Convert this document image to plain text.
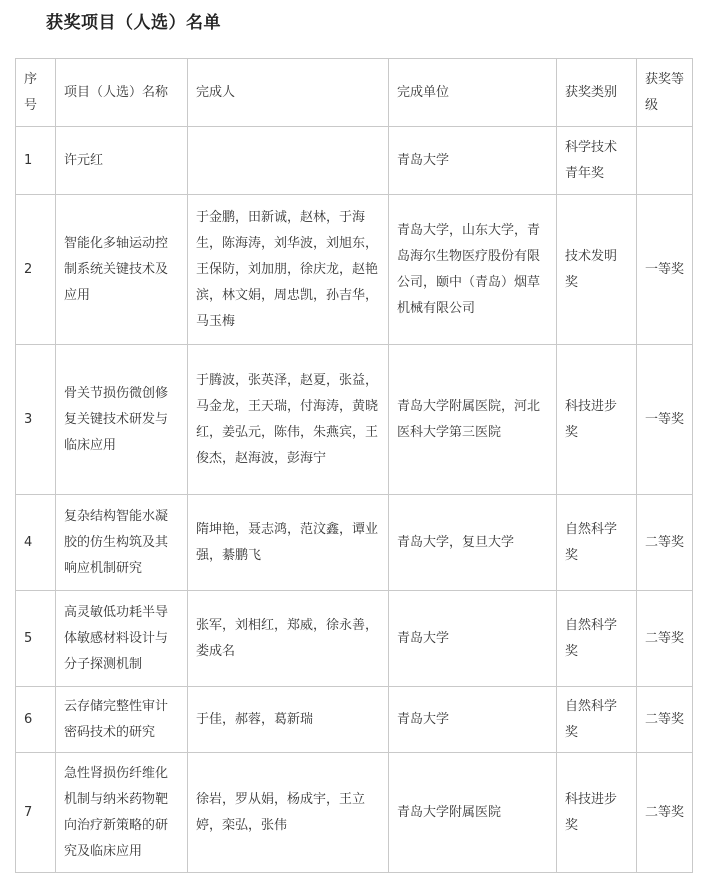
获奖项目（人选）名单
序号	项目（人选）名称	完成人	完成单位	获奖类别	获奖等级
1	许元红		青岛大学	科学技术青年奖	
2	智能化多轴运动控制系统关键技术及应用	于金鹏，田新诚，赵林，于海生，陈海涛，刘华波，刘旭东，王保防，刘加朋，徐庆龙，赵艳滨，林文娟，周忠凯，孙吉华，马玉梅	青岛大学，山东大学，青岛海尔生物医疗股份有限公司，颐中（青岛）烟草机械有限公司	技术发明奖	一等奖
3	骨关节损伤微创修复关键技术研发与临床应用	于腾波，张英泽，赵夏，张益，马金龙，王天瑞，付海涛，黄晓红，姜弘元，陈伟，朱燕宾，王俊杰，赵海波，彭海宁	青岛大学附属医院，河北医科大学第三医院	科技进步奖	一等奖
4	复杂结构智能水凝胶的仿生构筑及其响应机制研究	隋坤艳，聂志鸿，范汶鑫，谭业强，綦鹏飞	青岛大学，复旦大学	自然科学奖	二等奖
5	高灵敏低功耗半导体敏感材料设计与分子探测机制	张军，刘相红，郑威，徐永善，娄成名	青岛大学	自然科学奖	二等奖
6	云存储完整性审计密码技术的研究	于佳，郝蓉，葛新瑞	青岛大学	自然科学奖	二等奖
7	急性肾损伤纤维化机制与纳米药物靶向治疗新策略的研究及临床应用	徐岩，罗从娟，杨成宇，王立婷，栾弘，张伟	青岛大学附属医院	科技进步奖	二等奖
